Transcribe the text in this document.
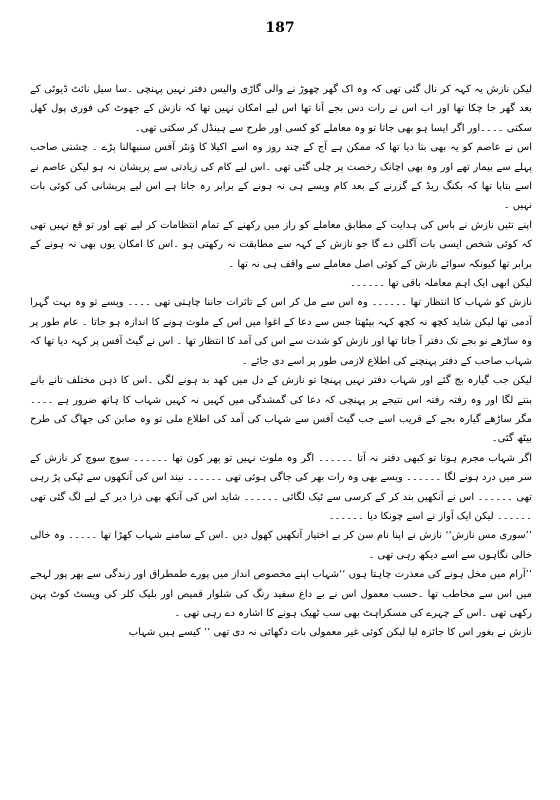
187

لیکن نازش یہ کہہ کر نال گئی تھی کہ وہ اک گھر چھوڑ نے والی گاڑی والیس دفتر نہیں پہنچی ۔سا سیل نائٹ ڈیوٹی کے بعد گھر جا چکا تھا اور اب اس نے رات دس بجے آنا تھا اس لیے امکان نہیں تھا کہ نازش کے جھوٹ کی فوری پول کھل سکتی ۔۔۔۔اور اگر ایسا ہو بھی جاتا تو وہ معاملے کو کسی اور طرح سے ہینڈل کر سکتی تھی۔

اس نے عاصم کو یہ بھی بتا دیا تھا کہ ممکن ہے آج کے چند روز وہ اسے اکیلا کا ؤنٹر آفس سنبھالنا پڑے ۔ چشتی صاحب پہلے سے بیمار تھے اور وہ بھی اچانک رخصت پر چلی گئی تھی ۔اس لیے کام کی زیادتی سے پریشان نہ ہو لیکن عاصم نے اسے بتایا تھا کہ بکنگ ریڈ کے گزرنے کے بعد کام ویسے ہی نہ ہونے کے برابر رہ جاتا ہے اس لیے پریشانی کی کوئی بات نہیں ۔

اپنے تئیں نازش نے باس کی ہدایت کے مطابق معاملے کو راز میں رکھنے کے تمام انتظامات کر لیے تھے اور تو قع نہیں تھی کہ کوئی شخص ایسی بات آگلی دے گا جو نازش کے کہہ سے مطابقت نہ رکھتی ہو ۔اس کا امکان یوں بھی نہ ہونے کے برابر تھا کیونکہ سوائے نازش کے کوئی اصل معاملے سے واقف ہی نہ تھا ۔

لیکن ابھی ایک اہم معاملہ باقی تھا ۔۔۔۔۔۔

نازش کو شہاب کا انتظار تھا ۔۔۔۔۔۔ وہ اس سے مل کر اس کے تاثرات جاننا چاہتی تھی ۔۔۔۔ ویسے تو وہ بہت گہرا آدمی تھا لیکن شاید کچھ نہ کچھ کہہ بیٹھتا جس سے دعا کے اغوا میں اس کے ملوث ہونے کا اندازہ ہو جاتا ۔ عام طور پر وہ ساڑھے نو بجے تک دفتر آ جاتا تھا اور نازش کو شدت سے اس کی آمد کا انتظار تھا ۔ اس نے گیٹ آفس پر کہہ دیا تھا کہ شہاب صاحب کے دفتر پہنچنے کی اطلاع لازمی طور پر اسے دی جائے ۔

لیکن جب گیارہ بج گئے اور شہاب دفتر نہیں پہنچا تو نازش کے دل میں کھد بد ہونے لگی ۔اس کا ذہن مختلف تانے بانے بنتے لگا اور وہ رفتہ رفتہ اس نتیجے پر پہنچی کہ دعا کی گمشدگی میں کہیں نہ کہیں شہاب کا ہاتھ ضرور ہے ۔۔۔۔ مگر ساڑھے گیارہ بجے کے قریب اسے جب گیٹ آفس سے شہاب کی آمد کی اطلاع ملی تو وہ صابن کی جھاگ کی طرح بیٹھ گئی۔

اگر شہاب مجرم ہوتا تو کبھی دفتر نہ آتا ۔۔۔۔۔۔ اگر وہ ملوث نہیں تو پھر کون تھا ۔۔۔۔۔۔ سوچ سوچ کر نازش کے سر میں درد ہونے لگا ۔۔۔۔۔۔ ویسے بھی وہ رات بھر کی جاگی ہوئی تھی ۔۔۔۔۔۔ نیند اس کی آنکھوں سے ٹپکی پڑ رہی تھی ۔۔۔۔۔۔ اس نے آنکھیں بند کر کے کرسی سے ٹیک لگائی ۔۔۔۔۔۔ شاید اس کی آنکھ بھی ذرا دیر کے لیے لگ گئی تھی ۔۔۔۔۔۔ لیکن ایک آواز نے اسے چونکا دیا ۔۔۔۔۔۔

’’سوری مس نازش‘‘ نازش نے اپنا نام سن کر بے اختیار آنکھیں کھول دیں ۔اس کے سامنے شہاب کھڑا تھا ۔۔۔۔۔ وہ خالی خالی نگاہوں سے اسے دیکھ رہی تھی ۔

’’آرام میں مخل ہونے کی معذرت چاہتا ہوں ‘‘شہاب اپنے مخصوص انداز میں پورے طمطراق اور زندگی سے بھر پور لہجے میں اس سے مخاطب تھا ۔حسب معمول اس نے بے داغ سفید رنگ کی شلوار قمیص اور بلیک کلر کی ویسٹ کوٹ پہن رکھی تھی ۔اس کے چہرے کی مسکراہٹ بھی سب ٹھیک ہونے کا اشارہ دے رہی تھی ۔

نازش نے بغور اس کا جائزہ لیا لیکن کوئی غیر معمولی بات دکھائی نہ دی تھی ’’ کیسے ہیں شہاب
